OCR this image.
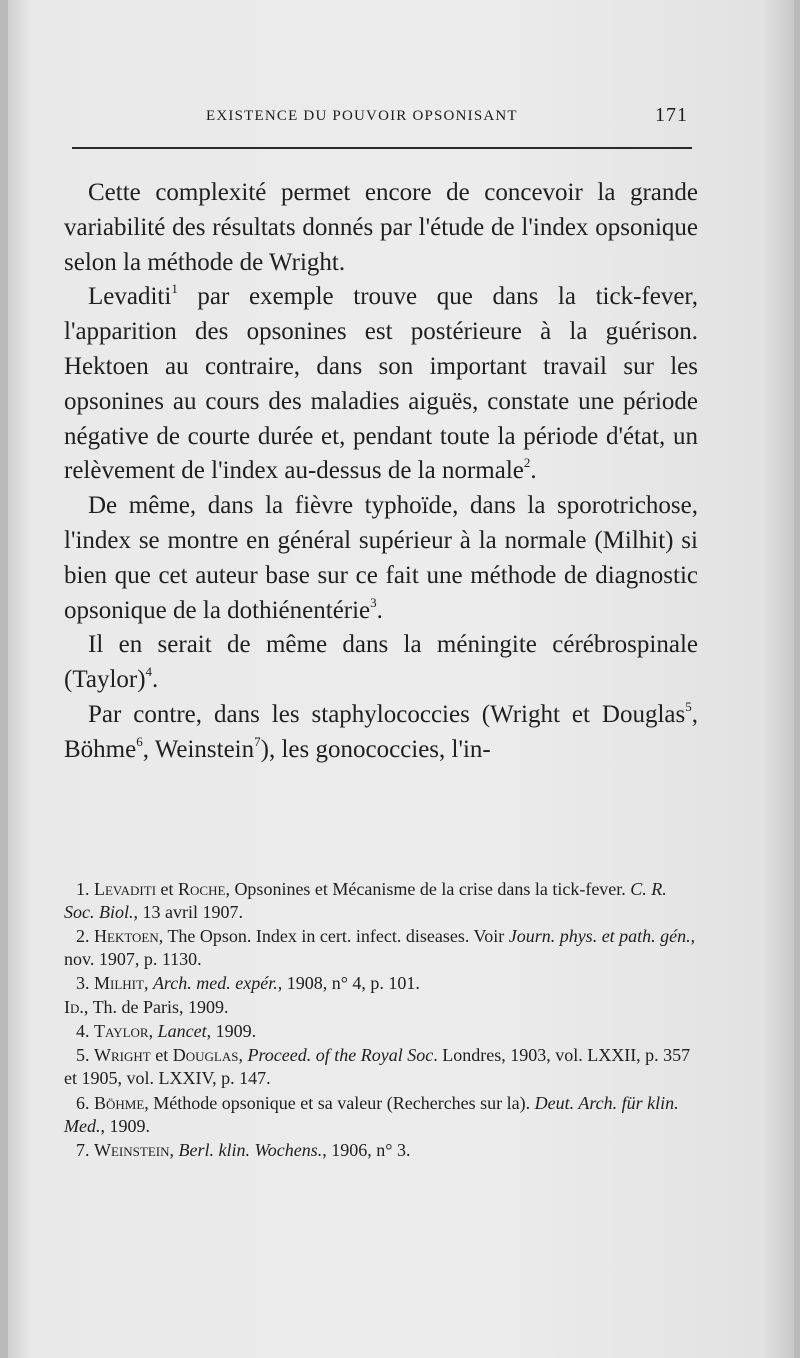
EXISTENCE DU POUVOIR OPSONISANT	171

Cette complexité permet encore de concevoir la grande variabilité des résultats donnés par l'étude de l'index opsonique selon la méthode de Wright.

Levaditi$^1$ par exemple trouve que dans la tick-fever, l'apparition des opsonines est postérieure à la guérison. Hektoen au contraire, dans son important travail sur les opsonines au cours des maladies aiguës, constate une période négative de courte durée et, pendant toute la période d'état, un relèvement de l'index au-dessus de la normale$^2$.

De même, dans la fièvre typhoïde, dans la sporotrichose, l'index se montre en général supérieur à la normale (Milhit) si bien que cet auteur base sur ce fait une méthode de diagnostic opsonique de la dothiénentérie$^3$.

Il en serait de même dans la méningite cérébrospinale (Taylor)$^4$.

Par contre, dans les staphylococcies (Wright et Douglas$^5$, Böhme$^6$, Weinstein$^7$), les gonococcies, l'in-

1. Levaditi et Roche, Opsonines et Mécanisme de la crise dans la tick-fever. C. R. Soc. Biol., 13 avril 1907.

2. Hektoen, The Opson. Index in cert. infect. diseases. Voir Journ. phys. et path. gén., nov. 1907, p. 1130.

3. Milhit, Arch. med. expér., 1908, n° 4, p. 101.

Id., Th. de Paris, 1909.

4. Taylor, Lancet, 1909.

5. Wright et Douglas, Proceed. of the Royal Soc. Londres, 1903, vol. LXXII, p. 357 et 1905, vol. LXXIV, p. 147.

6. Böhme, Méthode opsonique et sa valeur (Recherches sur la). Deut. Arch. für klin. Med., 1909.

7. Weinstein, Berl. klin. Wochens., 1906, n° 3.
